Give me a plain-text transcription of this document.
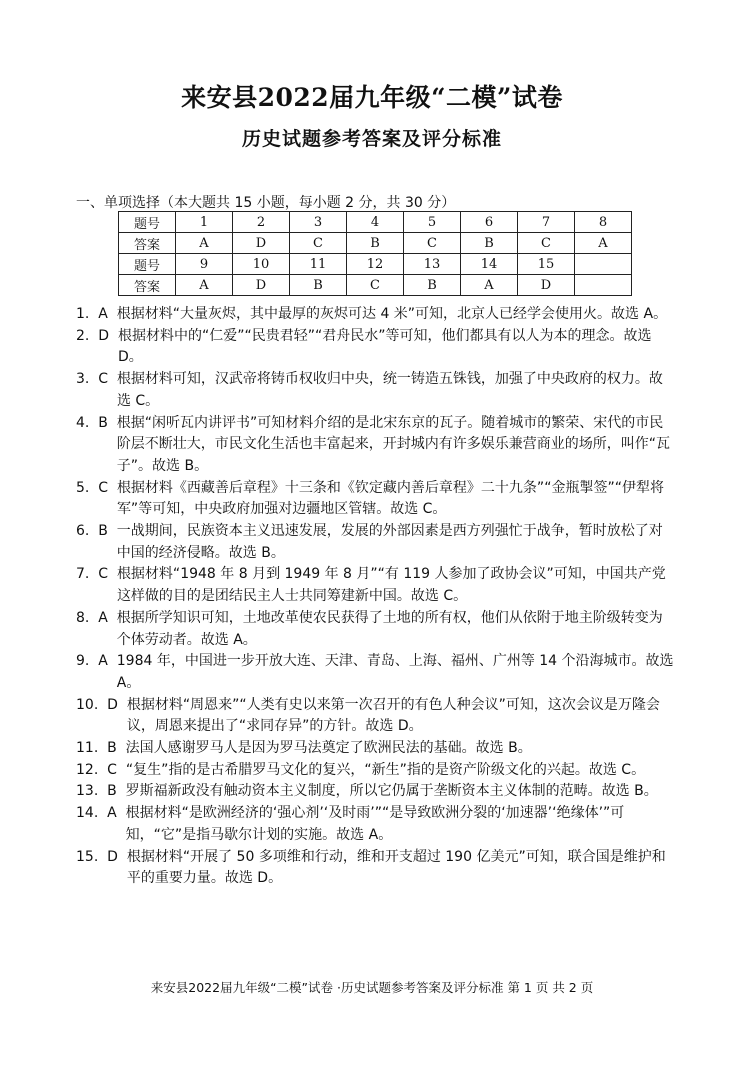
来安县2022届九年级“二模”试卷
历史试题参考答案及评分标准
一、单项选择（本大题共 15 小题，每小题 2 分，共 30 分）
题号	1	2	3	4	5	6	7	8
答案	A	D	C	B	C	B	C	A
题号	9	10	11	12	13	14	15	
答案	A	D	B	C	B	A	D	
1.  A 根据材料“大量灰烬，其中最厚的灰烬可达 4 米”可知，北京人已经学会使用火。故选 A。
2.  D 根据材料中的“仁爱”“民贵君轻”“君舟民水”等可知，他们都具有以人为本的理念。故选 D。
3.  C 根据材料可知，汉武帝将铸币权收归中央，统一铸造五铢钱，加强了中央政府的权力。故选 C。
4.  B 根据“闲听瓦内讲评书”可知材料介绍的是北宋东京的瓦子。随着城市的繁荣、宋代的市民阶层不断壮大，市民文化生活也丰富起来，开封城内有许多娱乐兼营商业的场所，叫作“瓦子”。故选 B。
5.  C 根据材料《西藏善后章程》十三条和《钦定藏内善后章程》二十九条”“金瓶掣签”“伊犁将军”等可知，中央政府加强对边疆地区管辖。故选 C。
6.  B 一战期间，民族资本主义迅速发展，发展的外部因素是西方列强忙于战争，暂时放松了对中国的经济侵略。故选 B。
7.  C 根据材料“1948 年 8 月到 1949 年 8 月”“有 119 人参加了政协会议”可知，中国共产党这样做的目的是团结民主人士共同筹建新中国。故选 C。
8.  A 根据所学知识可知，土地改革使农民获得了土地的所有权，他们从依附于地主阶级转变为个体劳动者。故选 A。
9.  A 1984 年，中国进一步开放大连、天津、青岛、上海、福州、广州等 14 个沿海城市。故选 A。
10.  D 根据材料“周恩来”“人类有史以来第一次召开的有色人种会议”可知，这次会议是万隆会议，周恩来提出了“求同存异”的方针。故选 D。
11.  B 法国人感谢罗马人是因为罗马法奠定了欧洲民法的基础。故选 B。
12.  C “复生”指的是古希腊罗马文化的复兴，“新生”指的是资产阶级文化的兴起。故选 C。
13.  B 罗斯福新政没有触动资本主义制度，所以它仍属于垄断资本主义体制的范畴。故选 B。
14.  A 根据材料“是欧洲经济的‘强心剂’‘及时雨’”“是导致欧洲分裂的‘加速器’‘绝缘体’”可知，“它”是指马歇尔计划的实施。故选 A。
15.  D 根据材料“开展了 50 多项维和行动，维和开支超过 190 亿美元”可知，联合国是维护和平的重要力量。故选 D。
来安县2022届九年级“二模”试卷 ·历史试题参考答案及评分标准 第 1 页 共 2 页
